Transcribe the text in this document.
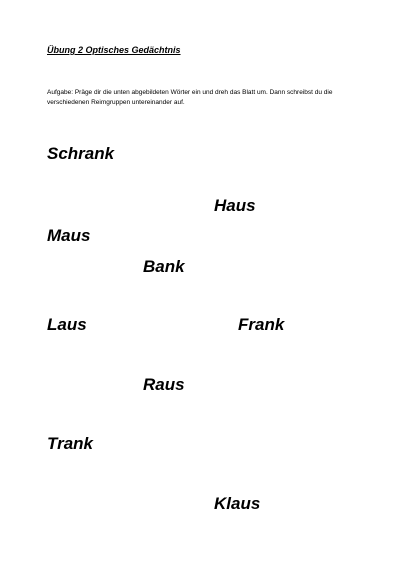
Übung 2 Optisches Gedächtnis
Aufgabe: Präge dir die unten abgebildeten Wörter ein und dreh das Blatt um. Dann schreibst du die verschiedenen Reimgruppen untereinander auf.
Schrank
Haus
Maus
Bank
Laus	Frank
Raus
Trank
Klaus
